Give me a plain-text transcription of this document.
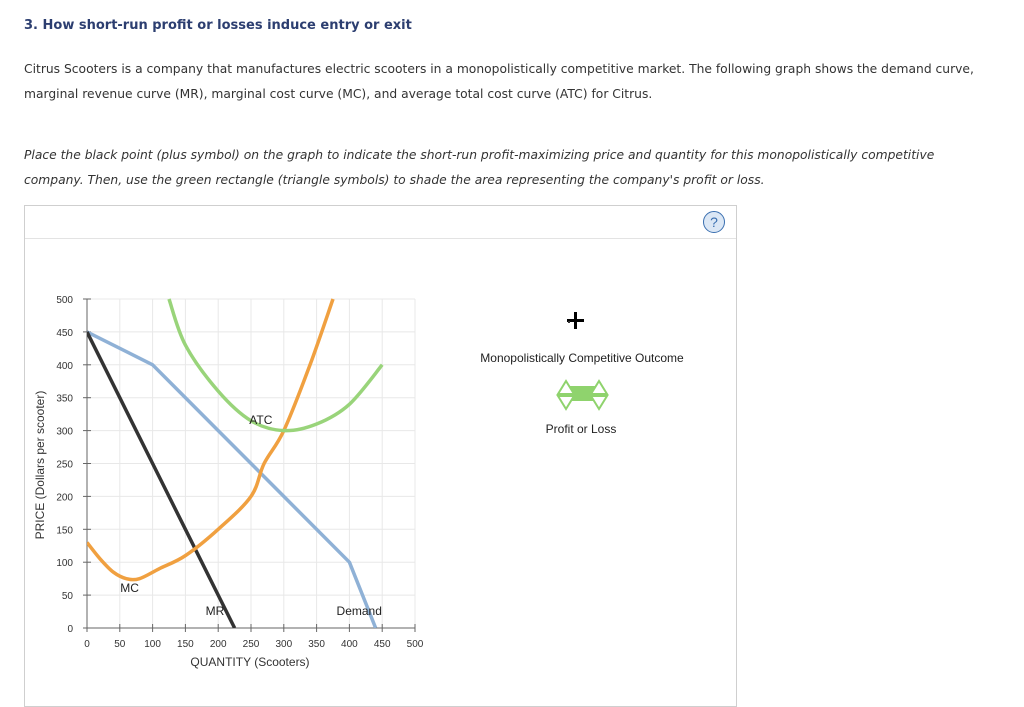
3. How short-run profit or losses induce entry or exit
Citrus Scooters is a company that manufactures electric scooters in a monopolistically competitive market. The following graph shows the demand curve, marginal revenue curve (MR), marginal cost curve (MC), and average total cost curve (ATC) for Citrus.
Place the black point (plus symbol) on the graph to indicate the short-run profit-maximizing price and quantity for this monopolistically competitive company. Then, use the green rectangle (triangle symbols) to shade the area representing the company's profit or loss.
?
0
50
100
150
200
250
300
350
400
450
500
0 50 100 150 200 250 300 350 400 450 500
ATC
MC
MR	Demand
PRICE (Dollars per scooter)
QUANTITY (Scooters)
Monopolistically Competitive Outcome
Profit or Loss
